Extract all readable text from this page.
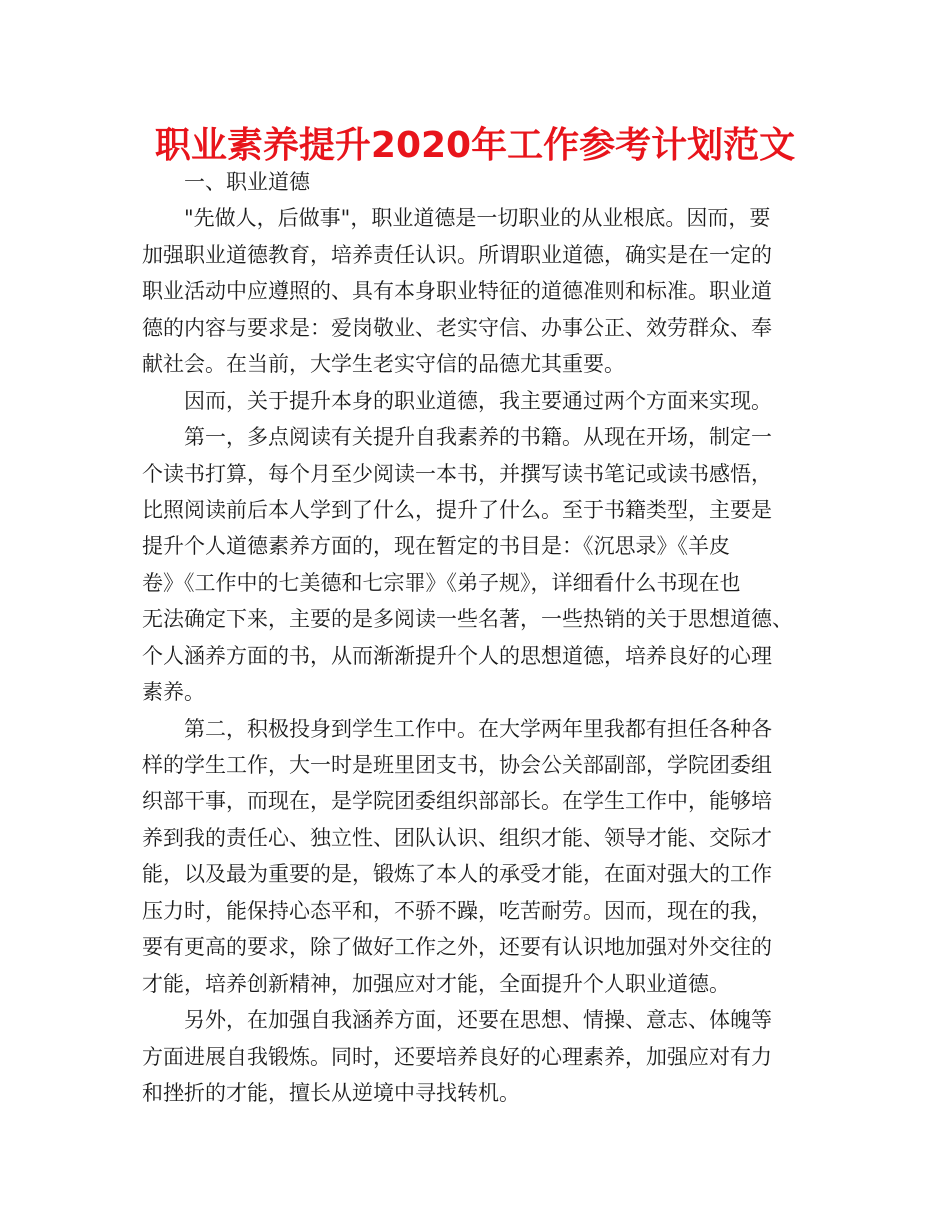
职业素养提升2020年工作参考计划范文

一、职业道德

"先做人，后做事"，职业道德是一切职业的从业根底。因而，要

加强职业道德教育，培养责任认识。所谓职业道德，确实是在一定的

职业活动中应遵照的、具有本身职业特征的道德准则和标准。职业道

德的内容与要求是：爱岗敬业、老实守信、办事公正、效劳群众、奉

献社会。在当前，大学生老实守信的品德尤其重要。

因而，关于提升本身的职业道德，我主要通过两个方面来实现。

第一，多点阅读有关提升自我素养的书籍。从现在开场，制定一

个读书打算，每个月至少阅读一本书，并撰写读书笔记或读书感悟，

比照阅读前后本人学到了什么，提升了什么。至于书籍类型，主要是

提升个人道德素养方面的，现在暂定的书目是：《沉思录》《羊皮

卷》《工作中的七美德和七宗罪》《弟子规》，详细看什么书现在也

无法确定下来，主要的是多阅读一些名著，一些热销的关于思想道德、

个人涵养方面的书，从而渐渐提升个人的思想道德，培养良好的心理

素养。

第二，积极投身到学生工作中。在大学两年里我都有担任各种各

样的学生工作，大一时是班里团支书，协会公关部副部，学院团委组

织部干事，而现在，是学院团委组织部部长。在学生工作中，能够培

养到我的责任心、独立性、团队认识、组织才能、领导才能、交际才

能，以及最为重要的是，锻炼了本人的承受才能，在面对强大的工作

压力时，能保持心态平和，不骄不躁，吃苦耐劳。因而，现在的我，

要有更高的要求，除了做好工作之外，还要有认识地加强对外交往的

才能，培养创新精神，加强应对才能，全面提升个人职业道德。

另外，在加强自我涵养方面，还要在思想、情操、意志、体魄等

方面进展自我锻炼。同时，还要培养良好的心理素养，加强应对有力

和挫折的才能，擅长从逆境中寻找转机。
